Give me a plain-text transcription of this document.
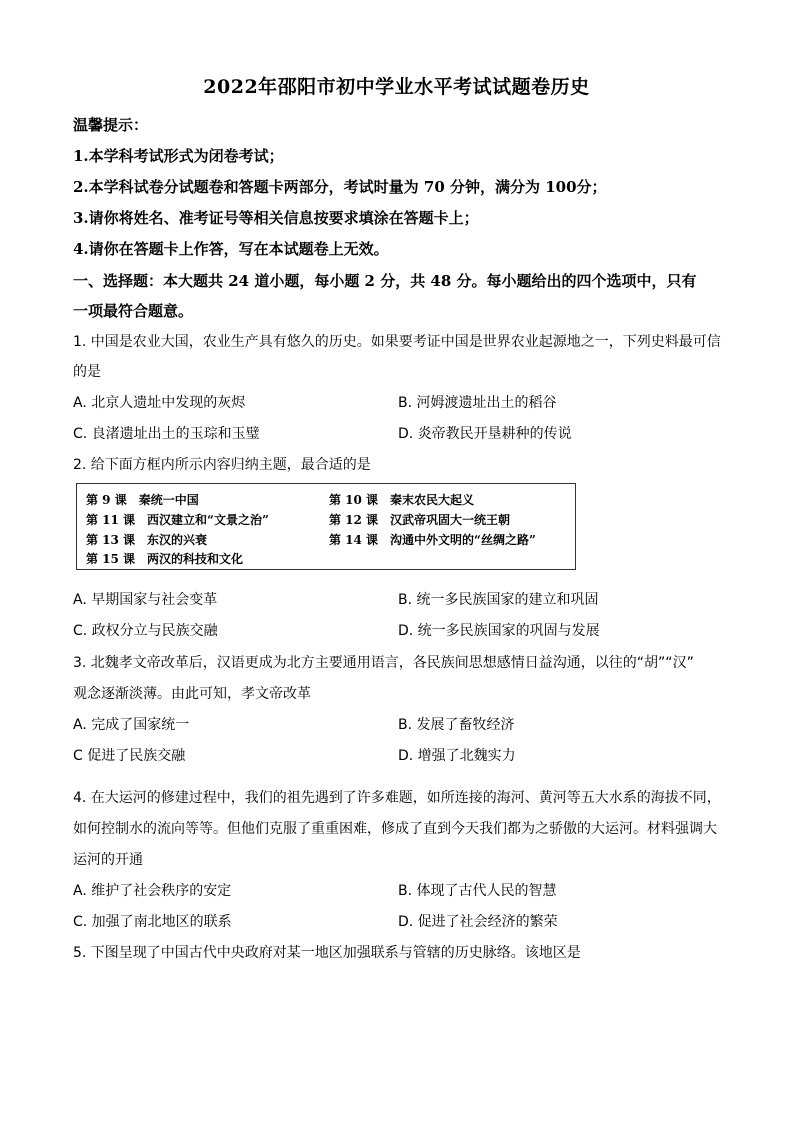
2022年邵阳市初中学业水平考试试题卷历史
温馨提示：
1.本学科考试形式为闭卷考试；
2.本学科试卷分试题卷和答题卡两部分，考试时量为 70 分钟，满分为 100分；
3.请你将姓名、准考证号等相关信息按要求填涂在答题卡上；
4.请你在答题卡上作答，写在本试题卷上无效。
一、选择题：本大题共 24 道小题，每小题 2 分，共 48 分。每小题给出的四个选项中，只有
一项最符合题意。
1. 中国是农业大国，农业生产具有悠久的历史。如果要考证中国是世界农业起源地之一，下列史料最可信
的是
A. 北京人遗址中发现的灰烬	B. 河姆渡遗址出土的稻谷
C. 良渚遗址出土的玉琮和玉璧	D. 炎帝教民开垦耕种的传说
2. 给下面方框内所示内容归纳主题，最合适的是
第 9 课　秦统一中国	第 10 课　秦末农民大起义
第 11 课　西汉建立和“文景之治”	第 12 课　汉武帝巩固大一统王朝
第 13 课　东汉的兴衰	第 14 课　沟通中外文明的“丝绸之路”
第 15 课　两汉的科技和文化
A. 早期国家与社会变革	B. 统一多民族国家的建立和巩固
C. 政权分立与民族交融	D. 统一多民族国家的巩固与发展
3. 北魏孝文帝改革后，汉语更成为北方主要通用语言，各民族间思想感情日益沟通，以往的“胡”“汉”
观念逐渐淡薄。由此可知，孝文帝改革
A. 完成了国家统一	B. 发展了畜牧经济
C 促进了民族交融	D. 增强了北魏实力
4. 在大运河的修建过程中，我们的祖先遇到了许多难题，如所连接的海河、黄河等五大水系的海拔不同，
如何控制水的流向等等。但他们克服了重重困难，修成了直到今天我们都为之骄傲的大运河。材料强调大
运河的开通
A. 维护了社会秩序的安定	B. 体现了古代人民的智慧
C. 加强了南北地区的联系	D. 促进了社会经济的繁荣
5. 下图呈现了中国古代中央政府对某一地区加强联系与管辖的历史脉络。该地区是
